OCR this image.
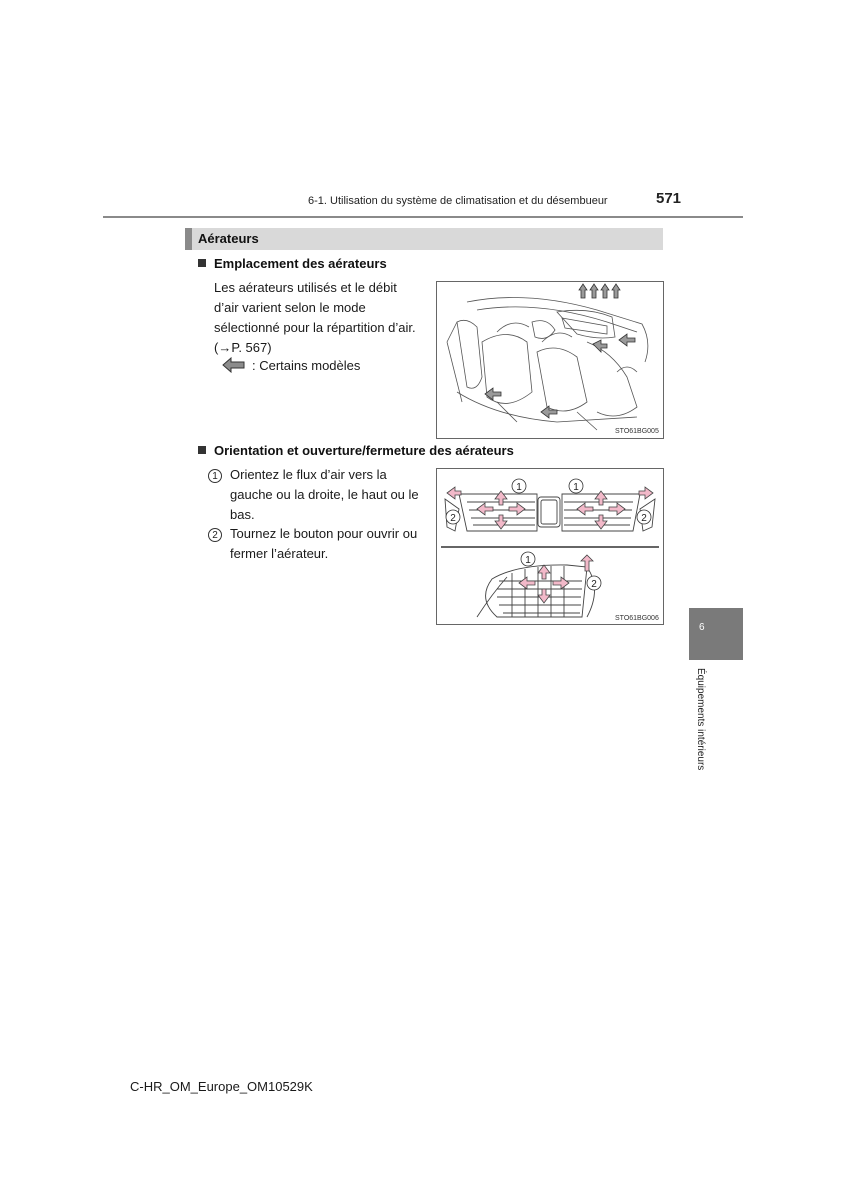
6-1. Utilisation du système de climatisation et du désembueur	571
Aérateurs
Emplacement des aérateurs
Les aérateurs utilisés et le débit
d’air varient selon le mode
sélectionné pour la répartition d’air.
(→P. 567)
: Certains modèles
STO61BG005
Orientation et ouverture/fermeture des aérateurs
1 Orientez le flux d’air vers la
gauche ou la droite, le haut ou le
bas.
2 Tournez le bouton pour ouvrir ou
fermer l’aérateur.
1	1
2	2
1
2
STO61BG006
6
Équipements intérieurs
C-HR_OM_Europe_OM10529K
